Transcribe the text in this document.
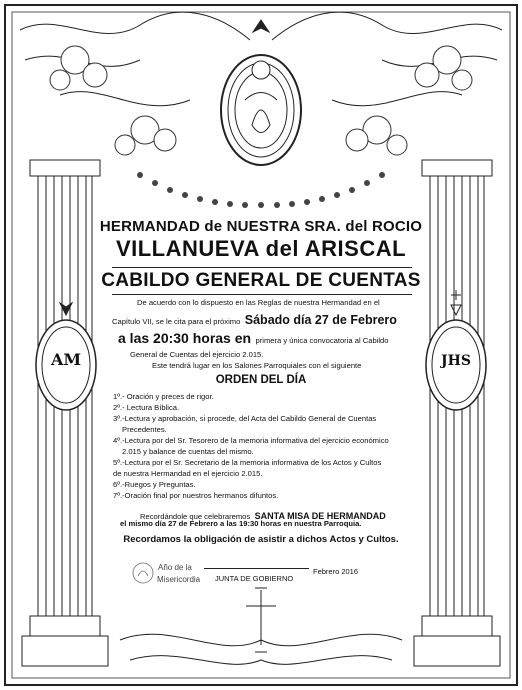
AM	JHS
HERMANDAD de NUESTRA SRA. del ROCIO
VILLANUEVA del ARISCAL
CABILDO GENERAL DE CUENTAS
De acuerdo con lo dispuesto en las Reglas de nuestra Hermandad en el
Capítulo VII, se le cita para el próximo Sábado día 27 de Febrero
a las 20:30 horas en primera y única convocatoria al Cabildo
General de Cuentas del ejercicio 2.015.
Este tendrá lugar en los Salones Parroquiales con el siguiente
ORDEN DEL DÍA
1º.- Oración y preces de rigor.
2º.- Lectura Bíblica.
3º.-Lectura y aprobación, si procede, del Acta del Cabildo General de Cuentas
Precedentes.
4º.-Lectura por del Sr. Tesorero de la memoria informativa del ejercicio económico
2.015 y balance de cuentas del mismo.
5º.-Lectura por el Sr. Secretario de la memoria informativa de los Actos y Cultos
de nuestra Hermandad en el ejercicio 2.015.
6º.-Ruegos y Preguntas.
7º.-Oración final por nuestros hermanos difuntos.
Recordándole que celebraremos SANTA MISA DE HERMANDAD
el mismo día 27 de Febrero a las 19:30 horas en nuestra Parroquia.
Recordamos la obligación de asistir a dichos Actos y Cultos.
Año de la
Misericordia JUNTA DE GOBIERNO
Febrero 2016
